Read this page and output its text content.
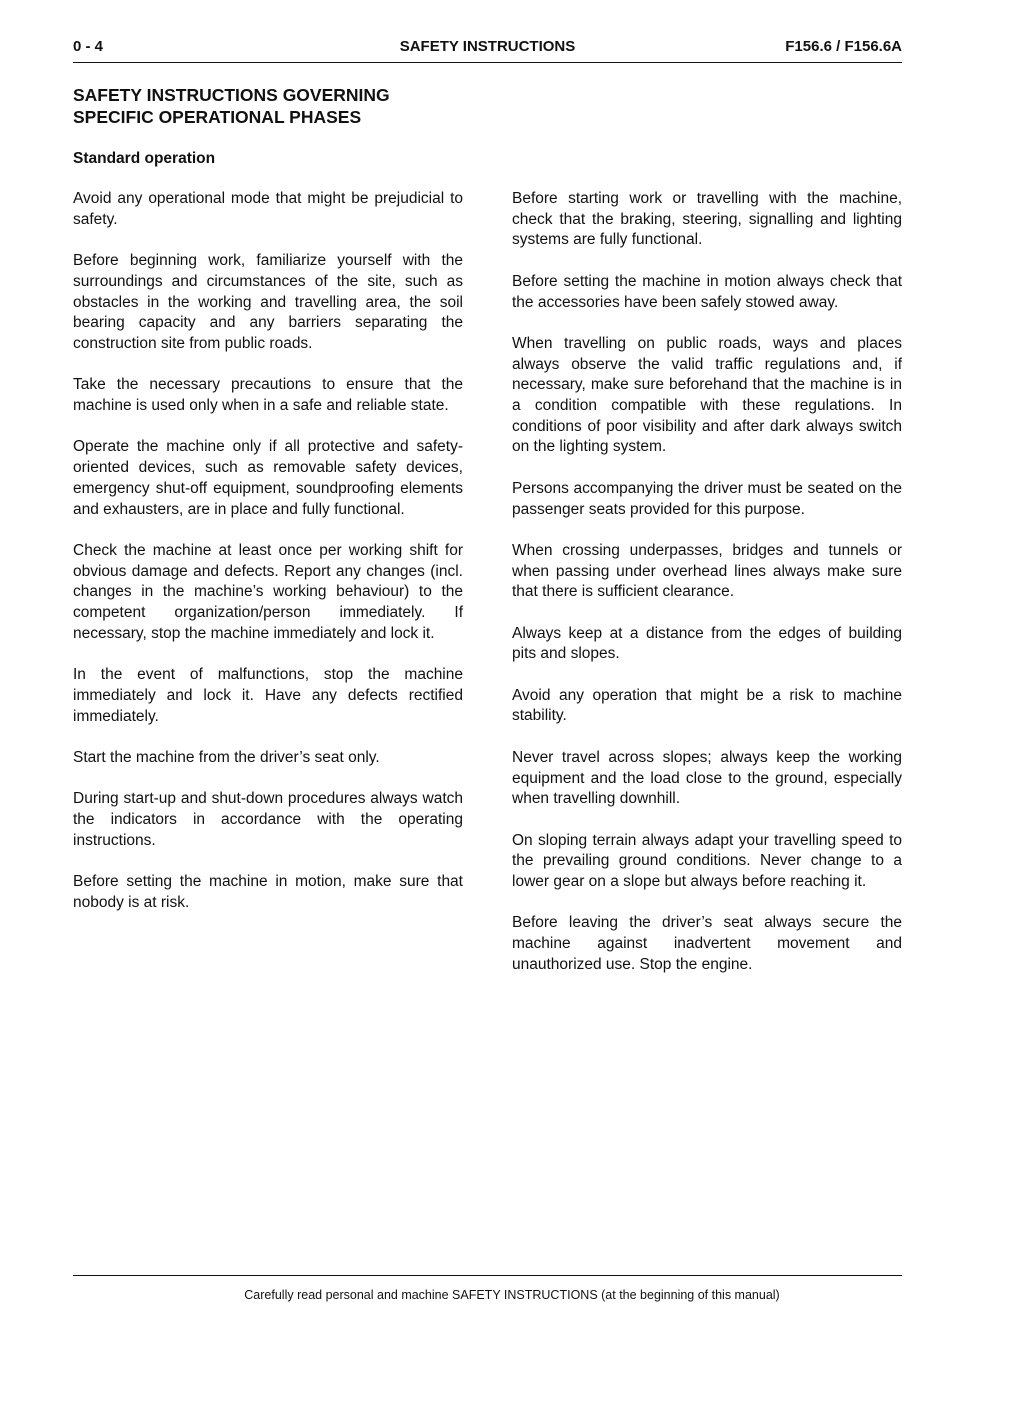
0 - 4	SAFETY INSTRUCTIONS	F156.6 / F156.6A
SAFETY INSTRUCTIONS GOVERNING
SPECIFIC OPERATIONAL PHASES
Standard operation

Avoid any operational mode that might be prejudicial to safety.

Before beginning work, familiarize yourself with the surroundings and circumstances of the site, such as obstacles in the working and travelling area, the soil bearing capacity and any barriers separating the construction site from public roads.

Take the necessary precautions to ensure that the machine is used only when in a safe and reliable state.

Operate the machine only if all protective and safety-oriented devices, such as removable safety devices, emergency shut-off equipment, soundproofing elements and exhausters, are in place and fully functional.

Check the machine at least once per working shift for obvious damage and defects. Report any changes (incl. changes in the machine’s working behaviour) to the competent organization/person immediately. If necessary, stop the machine immediately and lock it.

In the event of malfunctions, stop the machine immediately and lock it. Have any defects rectified immediately.

Start the machine from the driver’s seat only.

During start-up and shut-down procedures always watch the indicators in accordance with the operating instructions.

Before setting the machine in motion, make sure that nobody is at risk.

Before starting work or travelling with the machine, check that the braking, steering, signalling and lighting systems are fully functional.

Before setting the machine in motion always check that the accessories have been safely stowed away.

When travelling on public roads, ways and places always observe the valid traffic regulations and, if necessary, make sure beforehand that the machine is in a condition compatible with these regulations. In conditions of poor visibility and after dark always switch on the lighting system.

Persons accompanying the driver must be seated on the passenger seats provided for this purpose.

When crossing underpasses, bridges and tunnels or when passing under overhead lines always make sure that there is sufficient clearance.

Always keep at a distance from the edges of building pits and slopes.

Avoid any operation that might be a risk to machine stability.

Never travel across slopes; always keep the working equipment and the load close to the ground, especially when travelling downhill.

On sloping terrain always adapt your travelling speed to the prevailing ground conditions. Never change to a lower gear on a slope but always before reaching it.

Before leaving the driver’s seat always secure the machine against inadvertent movement and unauthorized use. Stop the engine.

Carefully read personal and machine SAFETY INSTRUCTIONS (at the beginning of this manual)
